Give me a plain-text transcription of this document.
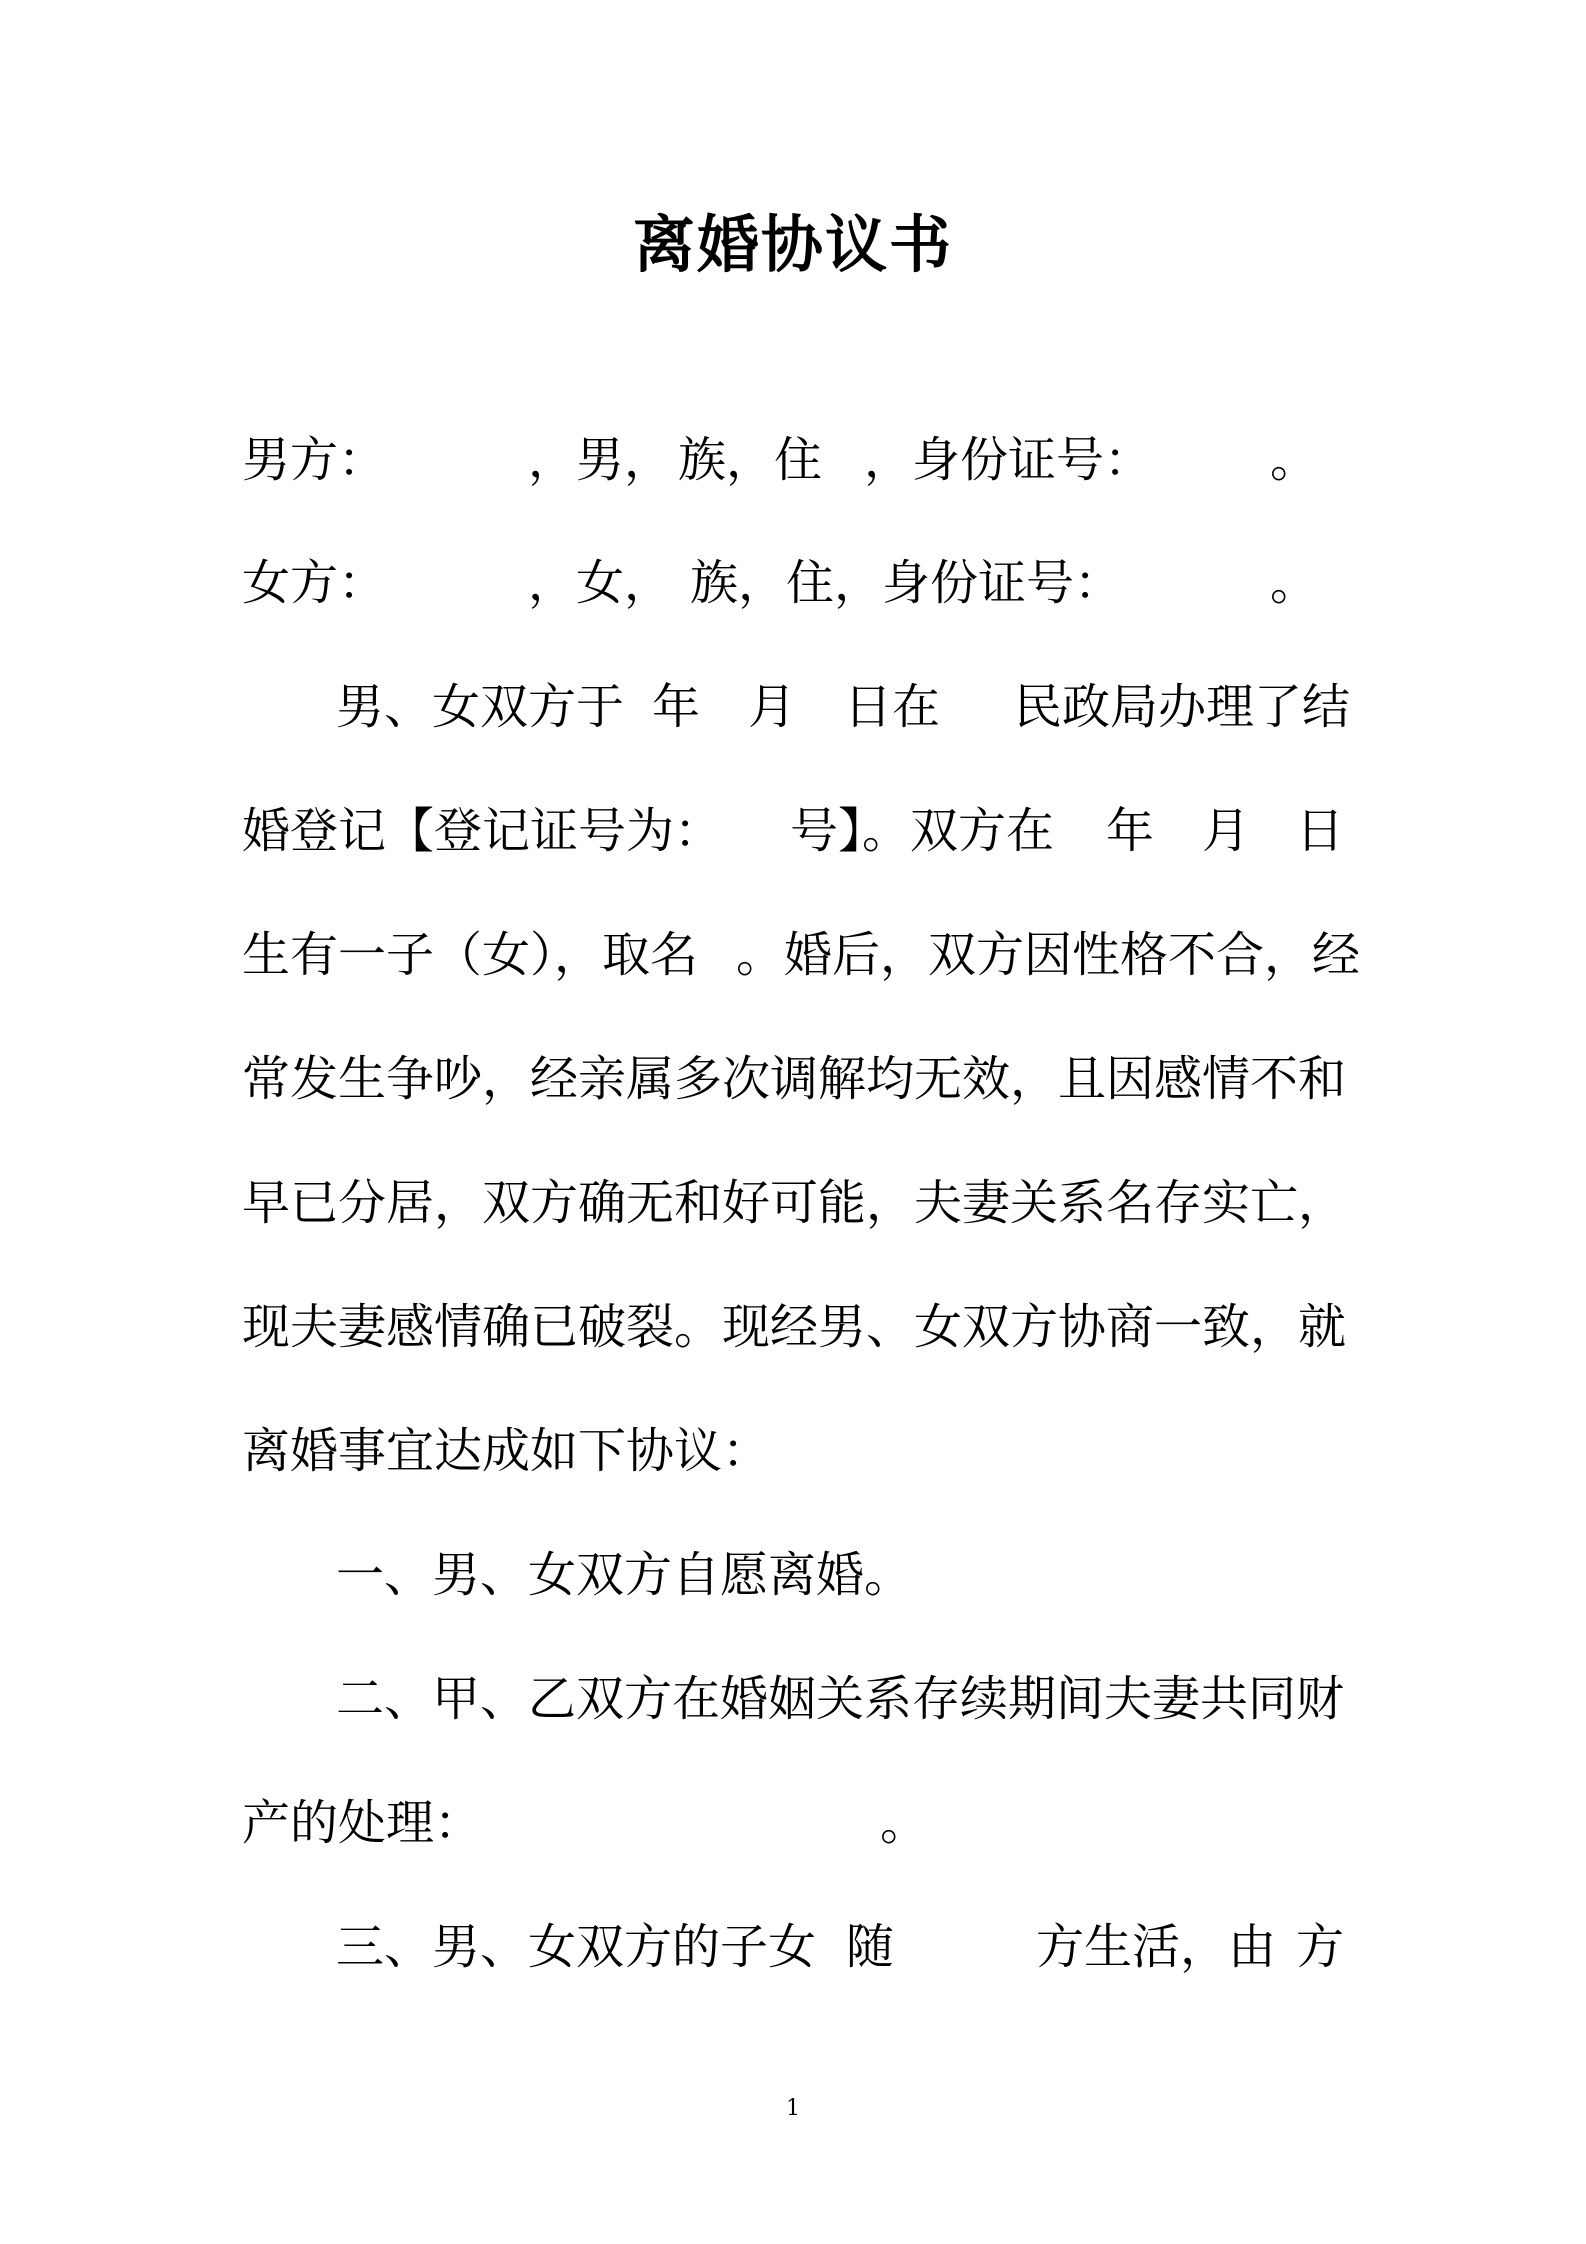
离婚协议书
男方：	，男， 族，住 ，身份证号： 。
女方：	，女， 族，住，身份证号：	。
男、女双方于 年 月 日在 民政局办理了结
婚登记【登记证号为： 号】。双方在 年 月 日
生有一子（女），取名 。婚后，双方因性格不合，经
常发生争吵，经亲属多次调解均无效，且因感情不和
早已分居，双方确无和好可能，夫妻关系名存实亡，
现夫妻感情确已破裂。现经男、女双方协商一致，就
离婚事宜达成如下协议：
一、男、女双方自愿离婚。
二、甲、乙双方在婚姻关系存续期间夫妻共同财
产的处理：	。
三、男、女双方的子女 随	方生活，由 方
1
